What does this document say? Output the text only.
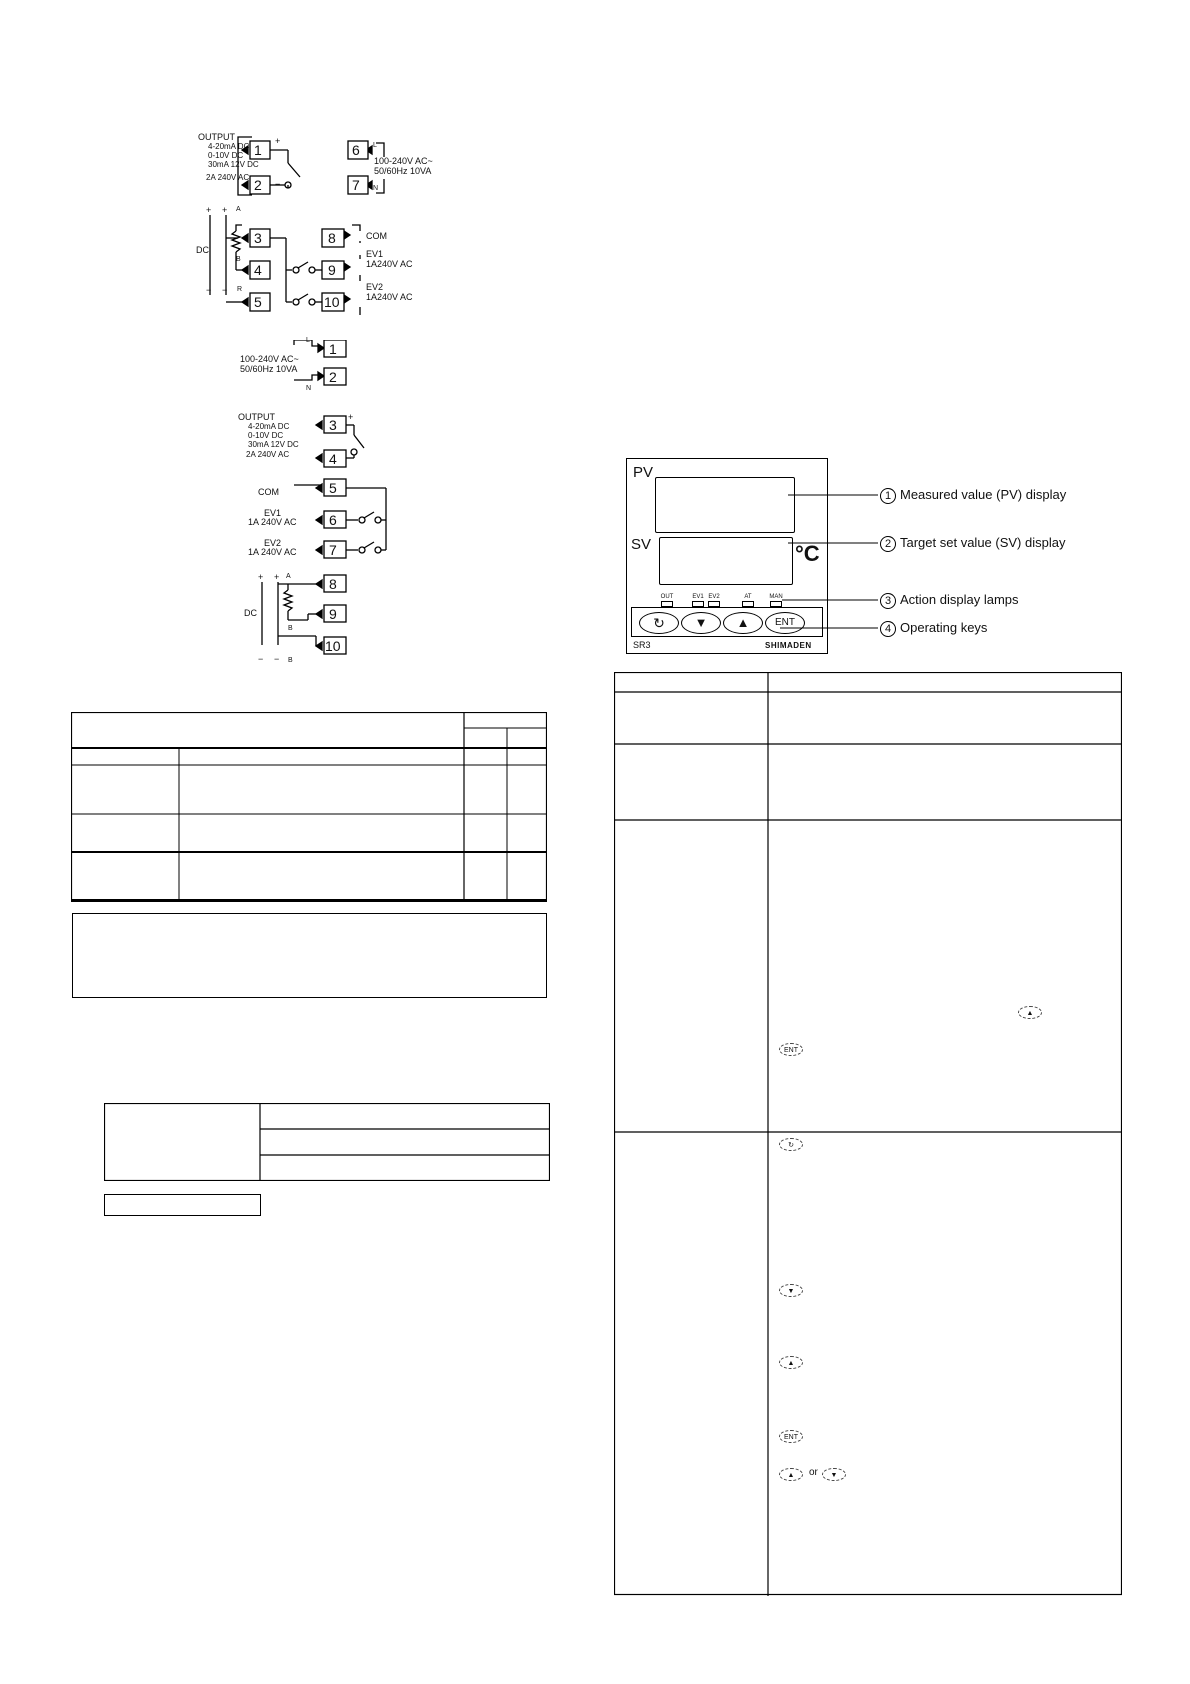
1
2
3
4
5
6
7
8
9
10
OUTPUT
4-20mA DC
0-10V DC
30mA 12V DC
2A 240V AC
+
−
L
N
100-240V AC~
50/60Hz 10VA
+ + A
DC
B
− − R
COM
EV1
1A240V AC
EV2
1A240V AC
1
2
3
4
5
6
7
8
9
10
L
N
100-240V AC~
50/60Hz 10VA
OUTPUT
4-20mA DC
0-10V DC
30mA 12V DC
2A 240V AC
+
COM
EV1
1A 240V AC
EV2
1A 240V AC
+ + A
DC
B
− − B
PV
SV	°C
OUT	EV1 EV2	AT	MAN
↻	▼	▲	ENT
SR3	SHIMADEN
1 Measured value (PV) display
2 Target set value (SV) display
3 Action display lamps
4 Operating keys
▲
ENT
↻
▼
▲
ENT
▲	or	▼
